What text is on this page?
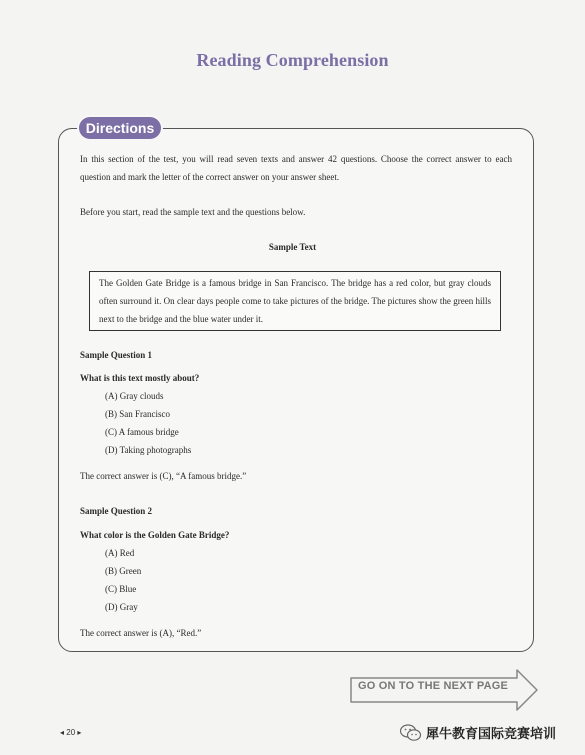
Reading Comprehension
Directions
In this section of the test, you will read seven texts and answer 42 questions. Choose the correct answer to each question and mark the letter of the correct answer on your answer sheet.
Before you start, read the sample text and the questions below.
Sample Text
The Golden Gate Bridge is a famous bridge in San Francisco. The bridge has a red color, but gray clouds often surround it. On clear days people come to take pictures of the bridge. The pictures show the green hills next to the bridge and the blue water under it.
Sample Question 1
What is this text mostly about?
(A) Gray clouds
(B) San Francisco
(C) A famous bridge
(D) Taking photographs
The correct answer is (C), “A famous bridge.”
Sample Question 2
What color is the Golden Gate Bridge?
(A) Red
(B) Green
(C) Blue
(D) Gray
The correct answer is (A), “Red.”
GO ON TO THE NEXT PAGE
◂ 20 ▸	犀牛教育国际竞赛培训
